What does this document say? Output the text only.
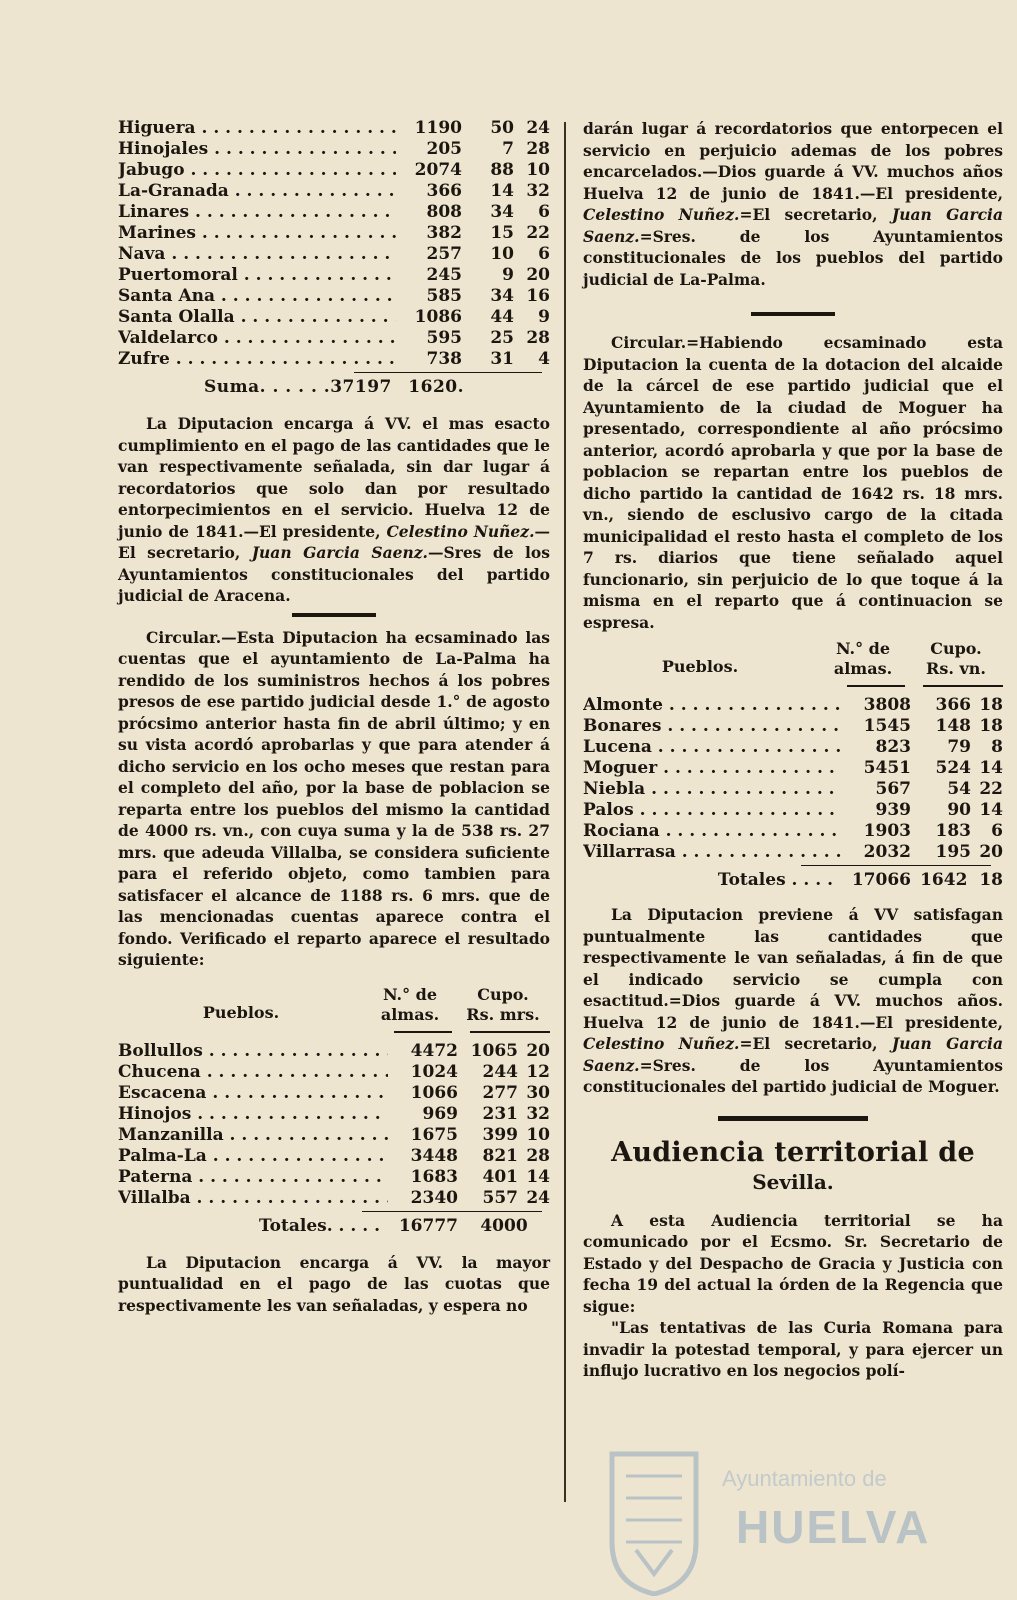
Higuera . . .	1190	50 24
Hinojales . . .	205	7 28
Jabugo . . .	2074	88 10
La-Granada . . .	366	14 32
Linares . . .	808	34	6
Marines . . .	382	15 22
Nava . . .	257	10	6
Puertomoral . . .	245	9 20
Santa Ana . . .	585	34 16
Santa Olalla . . .	1086	44	9
Valdelarco . . .	595	25 28
Zufre . . .	738	31	4
Suma. . . . . .37197 1620.

La Diputacion encarga á VV. el mas esacto cumplimiento en el pago de las cantidades que le van respectivamente señalada, sin dar lugar á recordatorios que solo dan por resultado entorpecimientos en el servicio. Huelva 12 de junio de 1841.—El presidente, Celestino Nuñez.—El secretario, Juan Garcia Saenz.—Sres de los Ayuntamientos constitucionales del partido judicial de Aracena.

Circular.—Esta Diputacion ha ecsaminado las cuentas que el ayuntamiento de La-Palma ha rendido de los suministros hechos á los pobres presos de ese partido judicial desde 1.° de agosto prócsimo anterior hasta fin de abril último; y en su vista acordó aprobarlas y que para atender á dicho servicio en los ocho meses que restan para el completo del año, por la base de poblacion se reparta entre los pueblos del mismo la cantidad de 4000 rs. vn., con cuya suma y la de 538 rs. 27 mrs. que adeuda Villalba, se considera suficiente para el referido objeto, como tambien para satisfacer el alcance de 1188 rs. 6 mrs. que de las mencionadas cuentas aparece contra el fondo. Verificado el reparto aparece el resultado siguiente:

Pueblos.
N.° de
almas.
Cupo.
Rs. mrs.
Bollullos . . .	4472 1065 20
Chucena . . .	1024	244 12
Escacena . . .	1066	277 30
Hinojos . . .	969	231 32
Manzanilla . . .	1675	399 10
Palma-La . . .	3448	821 28
Paterna . . .	1683	401 14
Villalba . . .	2340	557 24
Totales. . . . .	16777	4000

La Diputacion encarga á VV. la mayor puntualidad en el pago de las cuotas que respectivamente les van señaladas, y espera no

darán lugar á recordatorios que entorpecen el servicio en perjuicio ademas de los pobres encarcelados.—Dios guarde á VV. muchos años Huelva 12 de junio de 1841.—El presidente, Celestino Nuñez.=El secretario, Juan Garcia Saenz.=Sres. de los Ayuntamientos constitucionales de los pueblos del partido judicial de La-Palma.

Circular.=Habiendo ecsaminado esta Diputacion la cuenta de la dotacion del alcaide de la cárcel de ese partido judicial que el Ayuntamiento de la ciudad de Moguer ha presentado, correspondiente al año prócsimo anterior, acordó aprobarla y que por la base de poblacion se repartan entre los pueblos de dicho partido la cantidad de 1642 rs. 18 mrs. vn., siendo de esclusivo cargo de la citada municipalidad el resto hasta el completo de los 7 rs. diarios que tiene señalado aquel funcionario, sin perjuicio de lo que toque á la misma en el reparto que á continuacion se espresa.

Pueblos.
N.° de
almas.
Cupo.
Rs. vn.
Almonte . . .	3808	366 18
Bonares . . .	1545	148 18
Lucena . . .	823	79	8
Moguer . . .	5451	524 14
Niebla . . .	567	54 22
Palos . . .	939	90 14
Rociana . . .	1903	183	6
Villarrasa . . .	2032	195 20
Totales . . . .	17066 1642 18

La Diputacion previene á VV satisfagan puntualmente las cantidades que respectivamente le van señaladas, á fin de que el indicado servicio se cumpla con esactitud.=Dios guarde á VV. muchos años. Huelva 12 de junio de 1841.—El presidente, Celestino Nuñez.=El secretario, Juan Garcia Saenz.=Sres. de los Ayuntamientos constitucionales del partido judicial de Moguer.

Audiencia territorial de
Sevilla.

A esta Audiencia territorial se ha comunicado por el Ecsmo. Sr. Secretario de Estado y del Despacho de Gracia y Justicia con fecha 19 del actual la órden de la Regencia que sigue:

"Las tentativas de las Curia Romana para invadir la potestad temporal, y para ejercer un influjo lucrativo en los negocios polí-

Ayuntamiento de
HUELVA
